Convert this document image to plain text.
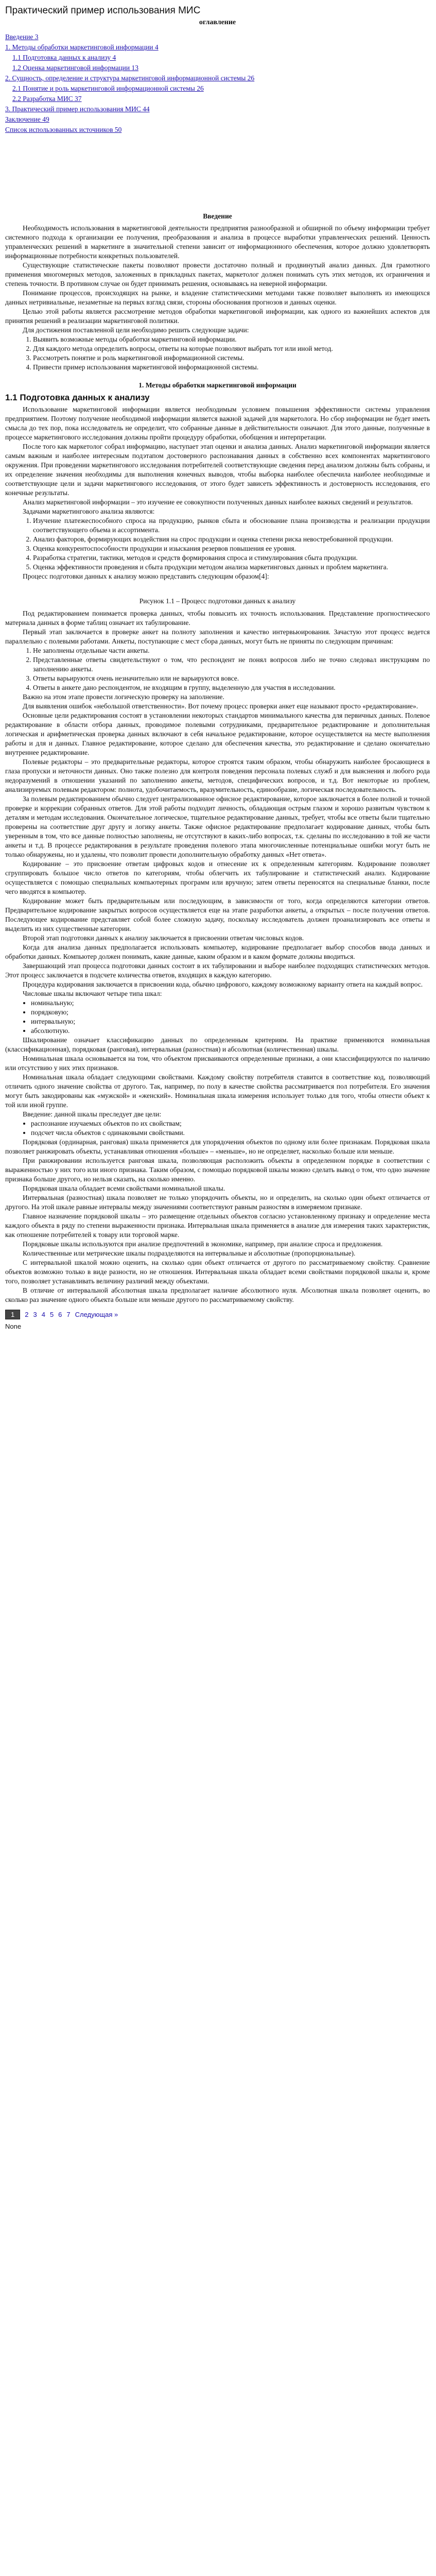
Практический пример использования МИС
оглавление

Введение 3

1. Методы обработки маркетинговой информации 4

1.1 Подготовка данных к анализу 4

1.2 Оценка маркетинговой информации 13

2. Сущность, определение и структура маркетинговой информационной системы 26

2.1 Понятие и роль маркетинговой информационной системы 26

2.2 Разработка МИС 37

3. Практический пример использования МИС 44

Заключение 49

Список использованных источников 50

Введение

Необходимость использования в маркетинговой деятельности предприятия разнообразной и обширной по объему информации требует системного подхода к организации ее получения, преобразования и анализа в процессе выработки управленческих решений. Ценность управленческих решений в маркетинге в значительной степени зависит от информационного обеспечения, которое должно удовлетворять информационные потребности конкретных пользователей.

Существующие статистические пакеты позволяют провести достаточно полный и продвинутый анализ данных. Для грамотного применения многомерных методов, заложенных в прикладных пакетах, маркетолог должен понимать суть этих методов, их ограничения и степень точности. В противном случае он будет принимать решения, основываясь на неверной информации.

Понимание процессов, происходящих на рынке, и владение статистическими методами также позволяет выполнять из имеющихся данных нетривиальные, незаметные на первых взгляд связи, стороны обоснования прогнозов и данных оценки.

Целью этой работы является рассмотрение методов обработки маркетинговой информации, как одного из важнейших аспектов для принятия решений в реализации маркетинговой политики.

Для достижения поставленной цели необходимо решить следующие задачи:

1. Выявить возможные методы обработки маркетинговой информации.
2. Для каждого метода определить вопросы, ответы на которые позволяют выбрать тот или иной метод.
3. Рассмотреть понятие и роль маркетинговой информационной системы.
4. Привести пример использования маркетинговой информационной системы.
1. Методы обработки маркетинговой информации
1.1 Подготовка данных к анализу

Использование маркетинговой информации является необходимым условием повышения эффективности системы управления предприятием. Поэтому получение необходимой информации является важной задачей для маркетолога. Но сбор информации не будет иметь смысла до тех пор, пока исследователь не определит, что собранные данные в действительности означают. Для этого данные, полученные в процессе маркетингового исследования должны пройти процедуру обработки, обобщения и интерпретации.

После того как маркетолог собрал информацию, наступает этап оценки и анализа данных. Анализ маркетинговой информации является самым важным и наиболее интересным подэтапом достоверного распознавания данных в собственно всех компонентах маркетингового окружения. При проведении маркетингового исследования потребителей соответствующие сведения перед анализом должны быть собраны, и их определение значения необходимы для выполнения конечных выводов, чтобы выборка наиболее обеспечила наиболее необходимые и соответствующие цели и задачи маркетингового исследования, от этого будет зависеть эффективность и достоверность исследования, его конечные результаты.

Анализ маркетинговой информации – это изучение ее совокупности полученных данных наиболее важных сведений и результатов.

Задачами маркетингового анализа являются:

1. Изучение платежеспособного спроса на продукцию, рынков сбыта и обоснование плана производства и реализации продукции соответствующего объема и ассортимента.
2. Анализ факторов, формирующих воздействия на спрос продукции и оценка степени риска невостребованной продукции.
3. Оценка конкурентоспособности продукции и изыскания резервов повышения ее уровня.
4. Разработка стратегии, тактики, методов и средств формирования спроса и стимулирования сбыта продукции.
5. Оценка эффективности проведения и сбыта продукции методом анализа маркетинговых данных и проблем маркетинга.

Процесс подготовки данных к анализу можно представить следующим образом[4]:

Рисунок 1.1 – Процесс подготовки данных к анализу

Под редактированием понимается проверка данных, чтобы повысить их точность использования. Представление прогностического материала данных в форме таблиц означает их табулирование.

Первый этап заключается в проверке анкет на полноту заполнения и качество интервьюирования. Зачастую этот процесс ведется параллельно с полевыми работами. Анкеты, поступающие с мест сбора данных, могут быть не приняты по следующим причинам:

1. Не заполнены отдельные части анкеты.
2. Представленные ответы свидетельствуют о том, что респондент не понял вопросов либо не точно следовал инструкциям по заполнению анкеты.
3. Ответы варьируются очень незначительно или не варьируются вовсе.
4. Ответы в анкете дано респондентом, не входящим в группу, выделенную для участия в исследовании.

Важно на этом этапе провести логическую проверку на заполнение.

Для выявления ошибок «небольшой ответственности». Вот почему процесс проверки анкет еще называют просто «редактирование».

Основные цели редактирования состоят в установлении некоторых стандартов минимального качества для первичных данных. Полевое редактирование в области отбора данных, проводимое полевыми сотрудниками, предварительное редактирование и дополнительная логическая и арифметическая проверка данных включают в себя начальное редактирование, которое осуществляется на месте выполнения работы и для и данных. Главное редактирование, которое сделано для обеспечения качества, это редактирование и сделано окончательно внутреннее редактирование.

Полевые редакторы – это предварительные редакторы, которое строятся таким образом, чтобы обнаружить наиболее бросающиеся в глаза пропуски и неточности данных. Оно также полезно для контроля поведения персонала полевых служб и для выяснения и любого рода недоразумений в отношении указаний по заполнению анкеты, методов, специфических вопросов, и т.д. Вот некоторые из проблем, анализируемых полевым редактором: полнота, удобочитаемость, вразумительность, единообразие, логическая последовательность.

За полевым редактированием обычно следует централизованное офисное редактирование, которое заключается в более полной и точной проверке и коррекции собранных ответов. Для этой работы подходит личность, обладающая острым глазом и хорошо развитым чувством к деталям и методам исследования. Окончательное логическое, тщательное редактирование данных, требует, чтобы все ответы были тщательно проверены на соответствие друг другу и логику анкеты. Также офисное редактирование предполагает кодирование данных, чтобы быть уверенным в том, что все данные полностью заполнены, не отсутствуют в каких-либо вопросах, т.к. сделаны по исследованию в той же части анкеты и т.д. В процессе редактирования в результате проведения полевого этапа многочисленные потенциальные ошибки могут быть не только обнаружены, но и удалены, что позволит провести дополнительную обработку данных «Нет ответа».

Кодирование – это присвоение ответам цифровых кодов и отнесение их к определенным категориям. Кодирование позволяет сгруппировать большое число ответов по категориям, чтобы облегчить их табулирование и статистический анализ. Кодирование осуществляется с помощью специальных компьютерных программ или вручную; затем ответы переносятся на специальные бланки, после чего вводятся в компьютер.

Кодирование может быть предварительным или последующим, в зависимости от того, когда определяются категории ответов. Предварительное кодирование закрытых вопросов осуществляется еще на этапе разработки анкеты, а открытых – после получения ответов. Последующее кодирование представляет собой более сложную задачу, поскольку исследователь должен проанализировать все ответы и выделить из них существенные категории.

Второй этап подготовки данных к анализу заключается в присвоении ответам числовых кодов.

Когда для анализа данных предполагается использовать компьютер, кодирование предполагает выбор способов ввода данных и обработки данных. Компьютер должен понимать, какие данные, каким образом и в каком формате должны вводиться.

Завершающий этап процесса подготовки данных состоит в их табулировании и выборе наиболее подходящих статистических методов. Этот процесс заключается в подсчете количества ответов, входящих в каждую категорию.

Процедура кодирования заключается в присвоении кода, обычно цифрового, каждому возможному варианту ответа на каждый вопрос.

Числовые шкалы включают четыре типа шкал:

• номинальную;
• порядковую;
• интервальную;
• абсолютную.

Шкалирование означает классификацию данных по определенным критериям. На практике применяются номинальная (классификационная), порядковая (ранговая), интервальная (разностная) и абсолютная (количественная) шкалы.

Номинальная шкала основывается на том, что объектом присваиваются определенные признаки, а они классифицируются по наличию или отсутствию у них этих признаков.

Номинальная шкала обладает следующими свойствами. Каждому свойству потребителя ставится в соответствие код, позволяющий отличить одного значение свойства от другого. Так, например, по полу в качестве свойства рассматривается пол потребителя. Его значения могут быть закодированы как «мужской» и «женский». Номинальная шкала измерения использует только для того, чтобы отнести объект к той или иной группе.

Введение: данной шкалы преследует две цели:

• распознание изучаемых объектов по их свойствам;
• подсчет числа объектов с одинаковыми свойствами.

Порядковая (ординарная, ранговая) шкала применяется для упорядочения объектов по одному или более признакам. Порядковая шкала позволяет ранжировать объекты, устанавливая отношения «больше» – «меньше», но не определяет, насколько больше или меньше.

При ранжировании используется ранговая шкала, позволяющая расположить объекты в определенном порядке в соответствии с выраженностью у них того или иного признака. Таким образом, с помощью порядковой шкалы можно сделать вывод о том, что одно значение признака больше другого, но нельзя сказать, на сколько именно.

Порядковая шкала обладает всеми свойствами номинальной шкалы.

Интервальная (разностная) шкала позволяет не только упорядочить объекты, но и определить, на сколько один объект отличается от другого. На этой шкале равные интервалы между значениями соответствуют равным разностям в измеряемом признаке.

Главное назначение порядковой шкалы – это размещение отдельных объектов согласно установленному признаку и определение места каждого объекта в ряду по степени выраженности признака. Интервальная шкала применяется в анализе для измерения таких характеристик, как отношение потребителей к товару или торговой марке.

Порядковые шкалы используются при анализе предпочтений в экономике, например, при анализе спроса и предложения.

Количественные или метрические шкалы подразделяются на интервальные и абсолютные (пропорциональные).

С интервальной шкалой можно оценить, на сколько один объект отличается от другого по рассматриваемому свойству. Сравнение объектов возможно только в виде разности, но не отношения. Интервальная шкала обладает всеми свойствами порядковой шкалы и, кроме того, позволяет устанавливать величину различий между объектами.

В отличие от интервальной абсолютная шкала предполагает наличие абсолютного нуля. Абсолютная шкала позволяет оценить, во сколько раз значение одного объекта больше или меньше другого по рассматриваемому свойству.

1	2 3 4 5 6 7 Следующая »
None
